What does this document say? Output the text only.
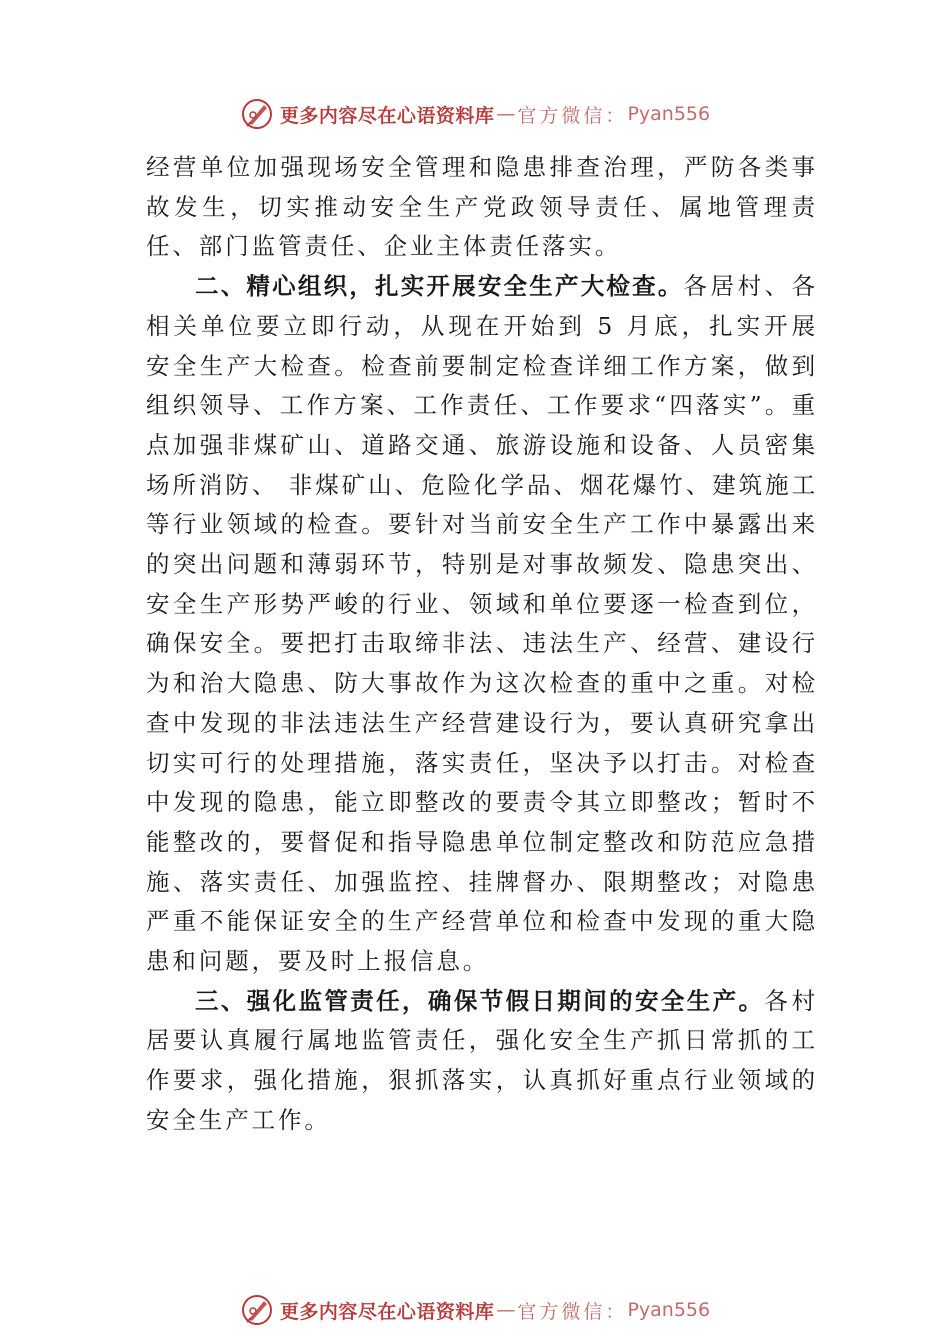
更多内容尽在心语资料库 — 官方微信： Pyan556

经营单位加强现场安全管理和隐患排查治理，严防各类事故发生，切实推动安全生产党政领导责任、属地管理责任、部门监管责任、企业主体责任落实。

二、精心组织，扎实开展安全生产大检查。各居村、各相关单位要立即行动，从现在开始到 5 月底，扎实开展安全生产大检查。检查前要制定检查详细工作方案，做到组织领导、工作方案、工作责任、工作要求“四落实”。重点加强非煤矿山、道路交通、旅游设施和设备、人员密集场所消防、 非煤矿山、危险化学品、烟花爆竹、建筑施工等行业领域的检查。要针对当前安全生产工作中暴露出来的突出问题和薄弱环节，特别是对事故频发、隐患突出、安全生产形势严峻的行业、领域和单位要逐一检查到位，确保安全。要把打击取缔非法、违法生产、经营、建设行为和治大隐患、防大事故作为这次检查的重中之重。对检查中发现的非法违法生产经营建设行为，要认真研究拿出切实可行的处理措施，落实责任，坚决予以打击。对检查中发现的隐患，能立即整改的要责令其立即整改；暂时不能整改的，要督促和指导隐患单位制定整改和防范应急措施、落实责任、加强监控、挂牌督办、限期整改；对隐患严重不能保证安全的生产经营单位和检查中发现的重大隐患和问题，要及时上报信息。

三、强化监管责任，确保节假日期间的安全生产。各村居要认真履行属地监管责任，强化安全生产抓日常抓的工作要求，强化措施，狠抓落实，认真抓好重点行业领域的安全生产工作。

更多内容尽在心语资料库 — 官方微信： Pyan556
